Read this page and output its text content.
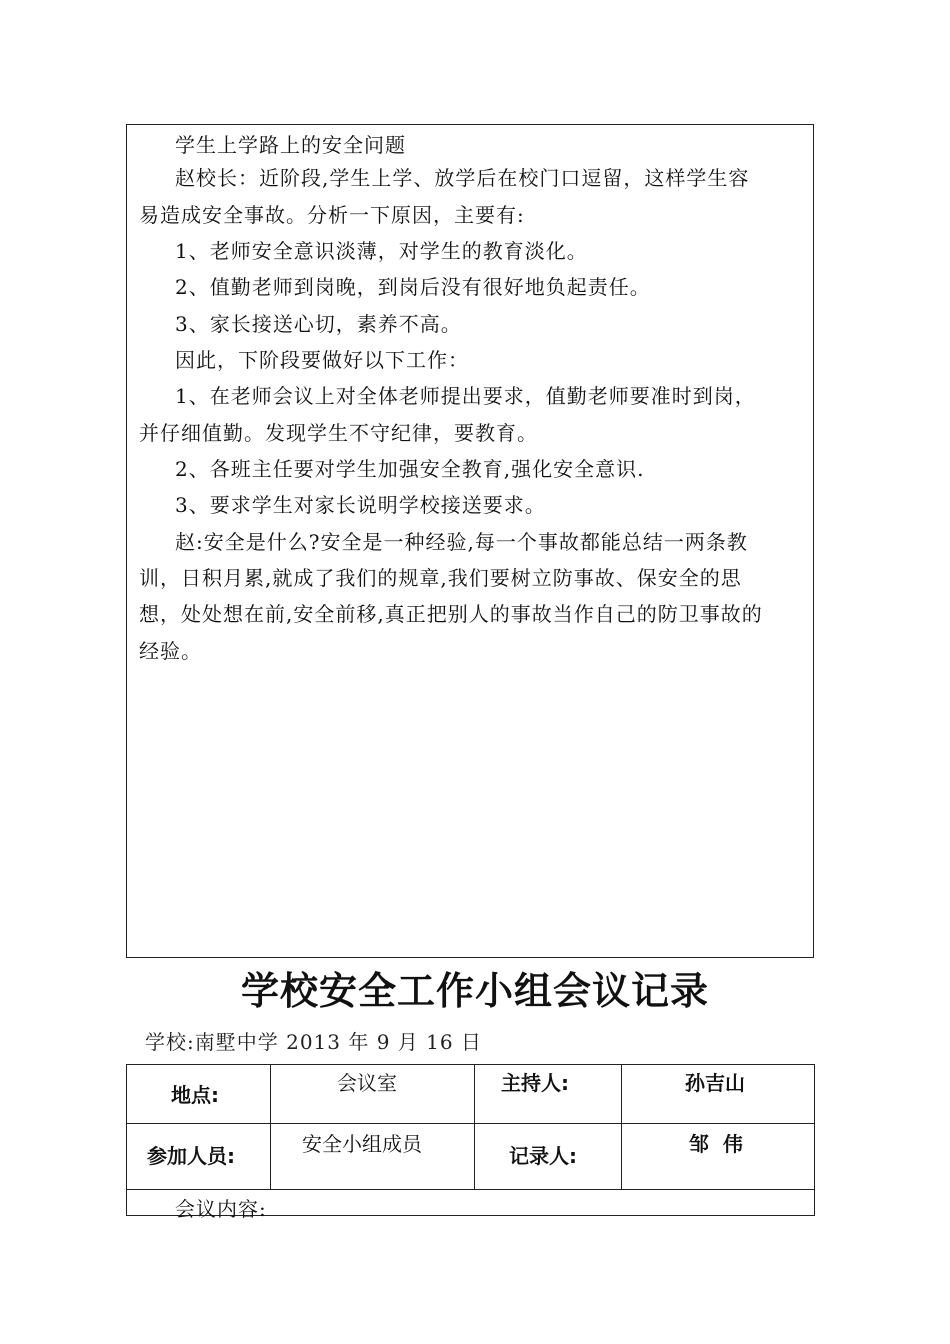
学生上学路上的安全问题
赵校长：近阶段,学生上学、放学后在校门口逗留，这样学生容
易造成安全事故。分析一下原因，主要有:
1、老师安全意识淡薄，对学生的教育淡化。
2、值勤老师到岗晚，到岗后没有很好地负起责任。
3、家长接送心切，素养不高。
因此，下阶段要做好以下工作：
1、在老师会议上对全体老师提出要求，值勤老师要准时到岗，
并仔细值勤。发现学生不守纪律，要教育。
2、各班主任要对学生加强安全教育,强化安全意识.
3、要求学生对家长说明学校接送要求。
赵:安全是什么?安全是一种经验,每一个事故都能总结一两条教
训，日积月累,就成了我们的规章,我们要树立防事故、保安全的思
想，处处想在前,安全前移,真正把别人的事故当作自己的防卫事故的
经验。
学校安全工作小组会议记录
学校:南墅中学 2013 年 9 月 16 日
地点:	会议室	主持人:	孙吉山
参加人员:	安全小组成员	记录人:	邹  伟
会议内容:
